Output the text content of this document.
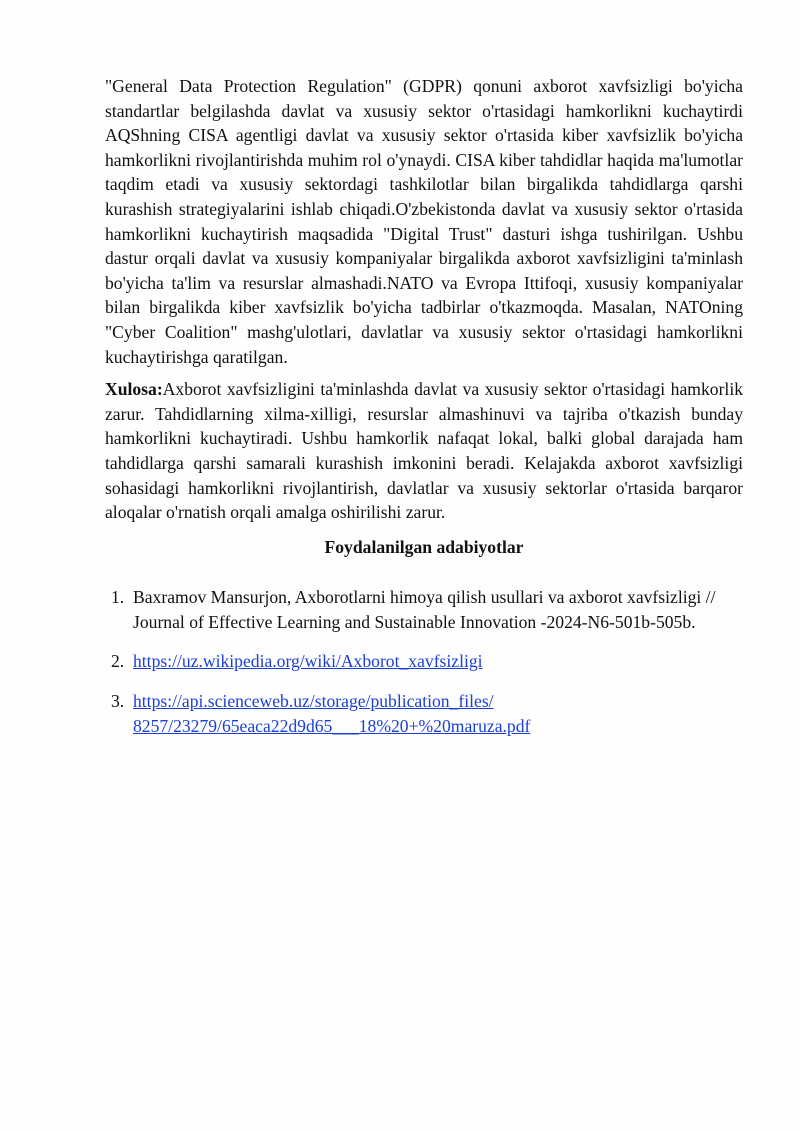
"General Data Protection Regulation" (GDPR) qonuni axborot xavfsizligi bo'yicha standartlar belgilashda davlat va xususiy sektor o'rtasidagi hamkorlikni kuchaytirdi AQShning CISA agentligi davlat va xususiy sektor o'rtasida kiber xavfsizlik bo'yicha hamkorlikni rivojlantirishda muhim rol o'ynaydi. CISA kiber tahdidlar haqida ma'lumotlar taqdim etadi va xususiy sektordagi tashkilotlar bilan birgalikda tahdidlarga qarshi kurashish strategiyalarini ishlab chiqadi.O'zbekistonda davlat va xususiy sektor o'rtasida hamkorlikni kuchaytirish maqsadida "Digital Trust" dasturi ishga tushirilgan. Ushbu dastur orqali davlat va xususiy kompaniyalar birgalikda axborot xavfsizligini ta'minlash bo'yicha ta'lim va resurslar almashadi.NATO va Evropa Ittifoqi, xususiy kompaniyalar bilan birgalikda kiber xavfsizlik bo'yicha tadbirlar o'tkazmoqda. Masalan, NATOning "Cyber Coalition" mashg'ulotlari, davlatlar va xususiy sektor o'rtasidagi hamkorlikni kuchaytirishga qaratilgan.

Xulosa:Axborot xavfsizligini ta'minlashda davlat va xususiy sektor o'rtasidagi hamkorlik zarur. Tahdidlarning xilma-xilligi, resurslar almashinuvi va tajriba o'tkazish bunday hamkorlikni kuchaytiradi. Ushbu hamkorlik nafaqat lokal, balki global darajada ham tahdidlarga qarshi samarali kurashish imkonini beradi. Kelajakda axborot xavfsizligi sohasidagi hamkorlikni rivojlantirish, davlatlar va xususiy sektorlar o'rtasida barqaror aloqalar o'rnatish orqali amalga oshirilishi zarur.

Foydalanilgan adabiyotlar
1. Baxramov Mansurjon, Axborotlarni himoya qilish usullari va axborot xavfsizligi // Journal of Effective Learning and Sustainable Innovation -2024-N6-501b-505b.
2. https://uz.wikipedia.org/wiki/Axborot_xavfsizligi
3. https://api.scienceweb.uz/storage/publication_files/
8257/23279/65eaca22d9d65___18%20+%20maruza.pdf
